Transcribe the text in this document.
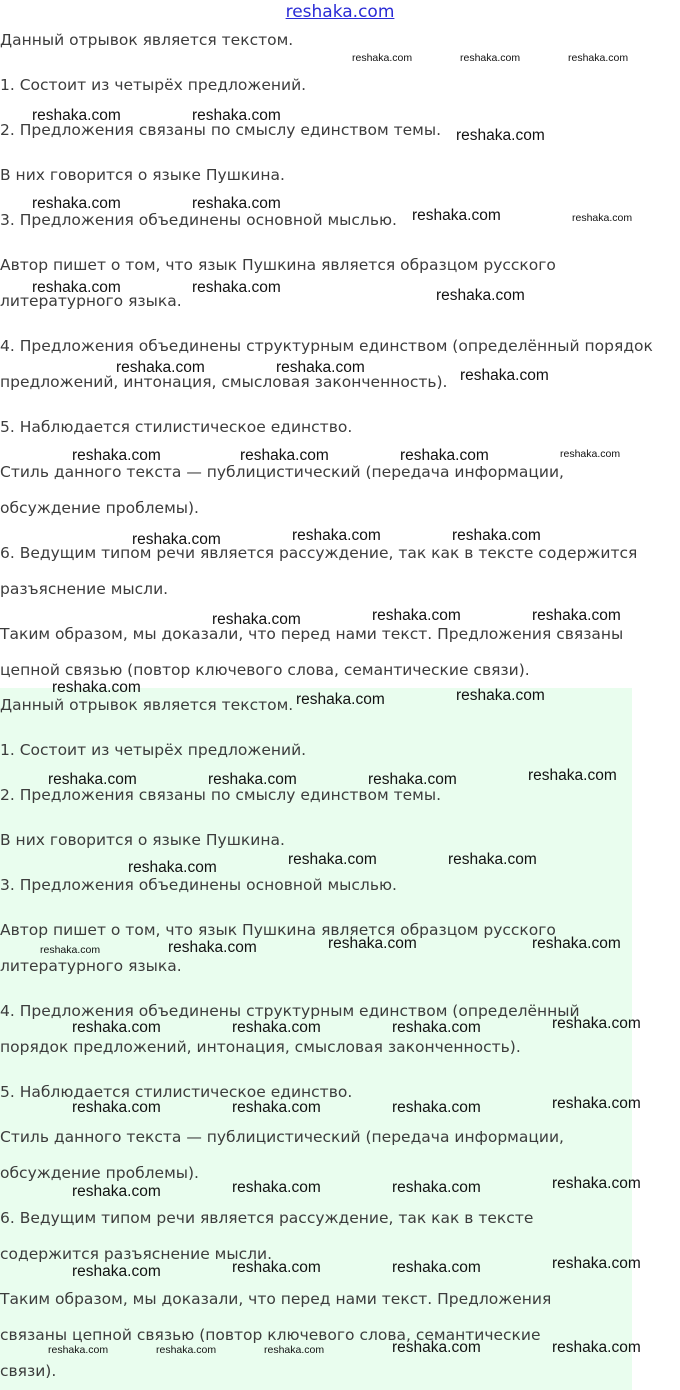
reshaka.com

Данный отрывок является текстом.

1. Состоит из четырёх предложений.

2. Предложения связаны по смыслу единством темы.

В них говорится о языке Пушкина.

3. Предложения объединены основной мыслью.

Автор пишет о том, что язык Пушкина является образцом русского

литературного языка.

4. Предложения объединены структурным единством (определённый порядок

предложений, интонация, смысловая законченность).

5. Наблюдается стилистическое единство.

Стиль данного текста — публицистический (передача информации,

обсуждение проблемы).

6. Ведущим типом речи является рассуждение, так как в тексте содержится

разъяснение мысли.

Таким образом, мы доказали, что перед нами текст. Предложения связаны

цепной связью (повтор ключевого слова, семантические связи).

Данный отрывок является текстом.

1. Состоит из четырёх предложений.

2. Предложения связаны по смыслу единством темы.

В них говорится о языке Пушкина.

3. Предложения объединены основной мыслью.

Автор пишет о том, что язык Пушкина является образцом русского

литературного языка.

4. Предложения объединены структурным единством (определённый

порядок предложений, интонация, смысловая законченность).

5. Наблюдается стилистическое единство.

Стиль данного текста — публицистический (передача информации,

обсуждение проблемы).

6. Ведущим типом речи является рассуждение, так как в тексте

содержится разъяснение мысли.

Таким образом, мы доказали, что перед нами текст. Предложения

связаны цепной связью (повтор ключевого слова, семантические

связи).

reshaka.com	reshaka.com	reshaka.com
reshaka.com	reshaka.com
reshaka.com
reshaka.com	reshaka.com
reshaka.com	reshaka.com
reshaka.com	reshaka.com	reshaka.com
reshaka.com	reshaka.com	reshaka.com
reshaka.com	reshaka.com	reshaka.com	reshaka.com
reshaka.com	reshaka.com	reshaka.com
reshaka.com	reshaka.com	reshaka.com
reshaka.com
reshaka.com	reshaka.com
reshaka.com	reshaka.com	reshaka.com	reshaka.com
reshaka.com	reshaka.com	reshaka.com
reshaka.com	reshaka.com	reshaka.com	reshaka.com
reshaka.com	reshaka.com	reshaka.com	reshaka.com
reshaka.com	reshaka.com	reshaka.com	reshaka.com
reshaka.com	reshaka.com	reshaka.com	reshaka.com
reshaka.com	reshaka.com	reshaka.com	reshaka.com
reshaka.com	reshaka.com	reshaka.com	reshaka.com	reshaka.com
